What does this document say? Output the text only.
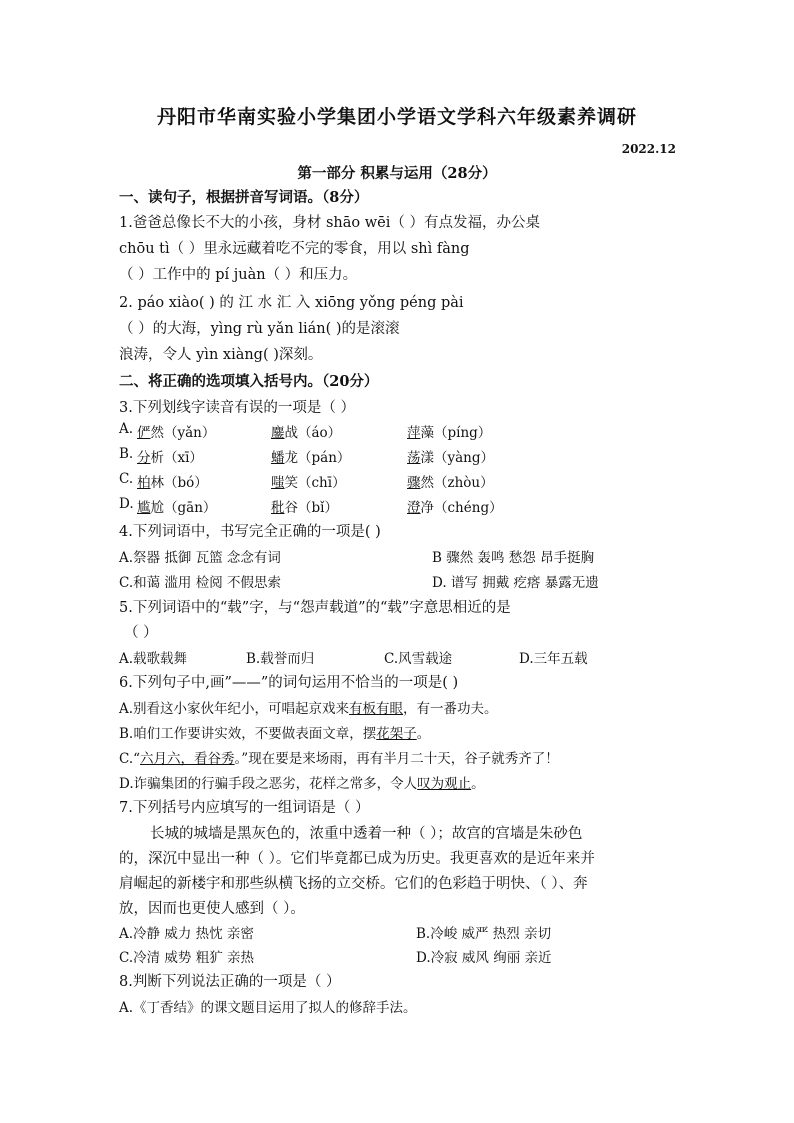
丹阳市华南实验小学集团小学语文学科六年级素养调研
2022.12
第一部分 积累与运用（28分）
一、读句子，根据拼音写词语。（8分）
1.爸爸总像长不大的小孩，身材 shāo wēi（ ）有点发福，办公桌
chōu tì（ ）里永远藏着吃不完的零食，用以 shì fàng
（ ）工作中的 pí juàn（ ）和压力。
2. páo xiào( ) 的 江 水 汇 入 xiōng yǒng péng pài
（ ）的大海，yìng rù yǎn lián( )的是滚滚
浪涛，令人 yìn xiàng( )深刻。
二、将正确的选项填入括号内。（20分）
3.下列划线字读音有误的一项是（ ）
A. 俨然（yǎn）	鏖战（áo）	萍藻（píng）
B. 分析（xī）	蟠龙（pán）	荡漾（yàng）
C. 柏林（bó）	嗤笑（chī）	骤然（zhòu）
D. 尴尬（gān）	秕谷（bǐ）	澄净（chéng）
4.下列词语中，书写完全正确的一项是( )
A.祭器 抵御 瓦篮 念念有词	B 骤然 轰鸣 愁怨 昂手挺胸
C.和蔼 滥用 检阅 不假思索	D. 谱写 拥戴 疙瘩 暴露无遗
5.下列词语中的“载”字，与“怨声载道”的“载”字意思相近的是
（ ）
A.载歌载舞	B.载誉而归	C.风雪载途	D.三年五载
6.下列句子中,画”——”的词句运用不恰当的一项是( )
A.别看这小家伙年纪小，可唱起京戏来有板有眼，有一番功夫。
B.咱们工作要讲实效，不要做表面文章，摆花架子。
C.“六月六，看谷秀。”现在要是来场雨，再有半月二十天，谷子就秀齐了！
D.诈骗集团的行骗手段之恶劣，花样之常多，令人叹为观止。
7.下列括号内应填写的一组词语是（ ）
长城的城墙是黑灰色的，浓重中透着一种（ ）；故宫的宫墙是朱砂色
的，深沉中显出一种（ ）。它们毕竟都已成为历史。我更喜欢的是近年来并
肩崛起的新楼宇和那些纵横飞扬的立交桥。它们的色彩趋于明快、（ ）、奔
放，因而也更使人感到（ ）。
A.冷静 威力 热忱 亲密	B.冷峻 威严 热烈 亲切
C.冷清 威势 粗犷 亲热	D.冷寂 威风 绚丽 亲近
8.判断下列说法正确的一项是（ ）
A.《丁香结》的课文题目运用了拟人的修辞手法。
